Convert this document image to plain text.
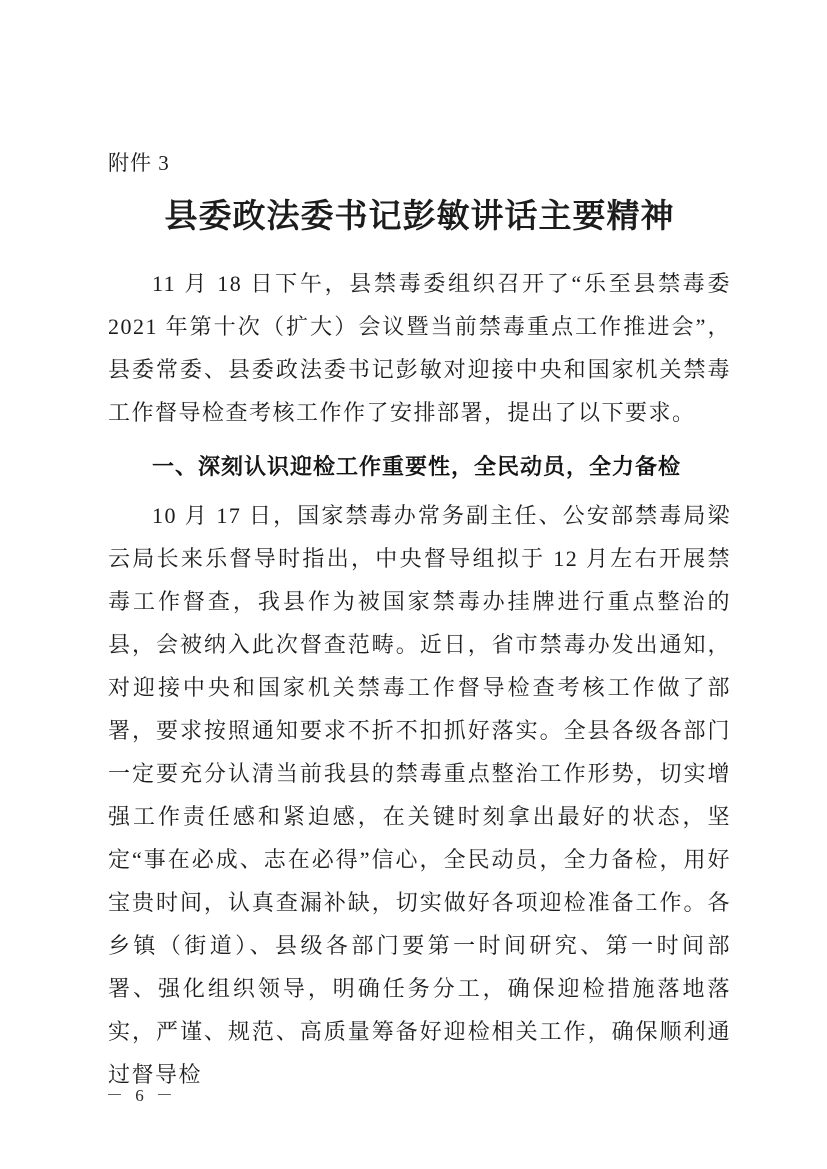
附件 3
县委政法委书记彭敏讲话主要精神

11 月 18 日下午，县禁毒委组织召开了“乐至县禁毒委 2021 年第十次（扩大）会议暨当前禁毒重点工作推进会”，县委常委、县委政法委书记彭敏对迎接中央和国家机关禁毒工作督导检查考核工作作了安排部署，提出了以下要求。

一、深刻认识迎检工作重要性，全民动员，全力备检

10 月 17 日，国家禁毒办常务副主任、公安部禁毒局梁云局长来乐督导时指出，中央督导组拟于 12 月左右开展禁毒工作督查，我县作为被国家禁毒办挂牌进行重点整治的县，会被纳入此次督查范畴。近日，省市禁毒办发出通知，对迎接中央和国家机关禁毒工作督导检查考核工作做了部署，要求按照通知要求不折不扣抓好落实。全县各级各部门一定要充分认清当前我县的禁毒重点整治工作形势，切实增强工作责任感和紧迫感，在关键时刻拿出最好的状态，坚定“事在必成、志在必得”信心，全民动员，全力备检，用好宝贵时间，认真查漏补缺，切实做好各项迎检准备工作。各乡镇（街道）、县级各部门要第一时间研究、第一时间部署、强化组织领导，明确任务分工，确保迎检措施落地落实，严谨、规范、高质量筹备好迎检相关工作，确保顺利通过督导检

－ 6 －
